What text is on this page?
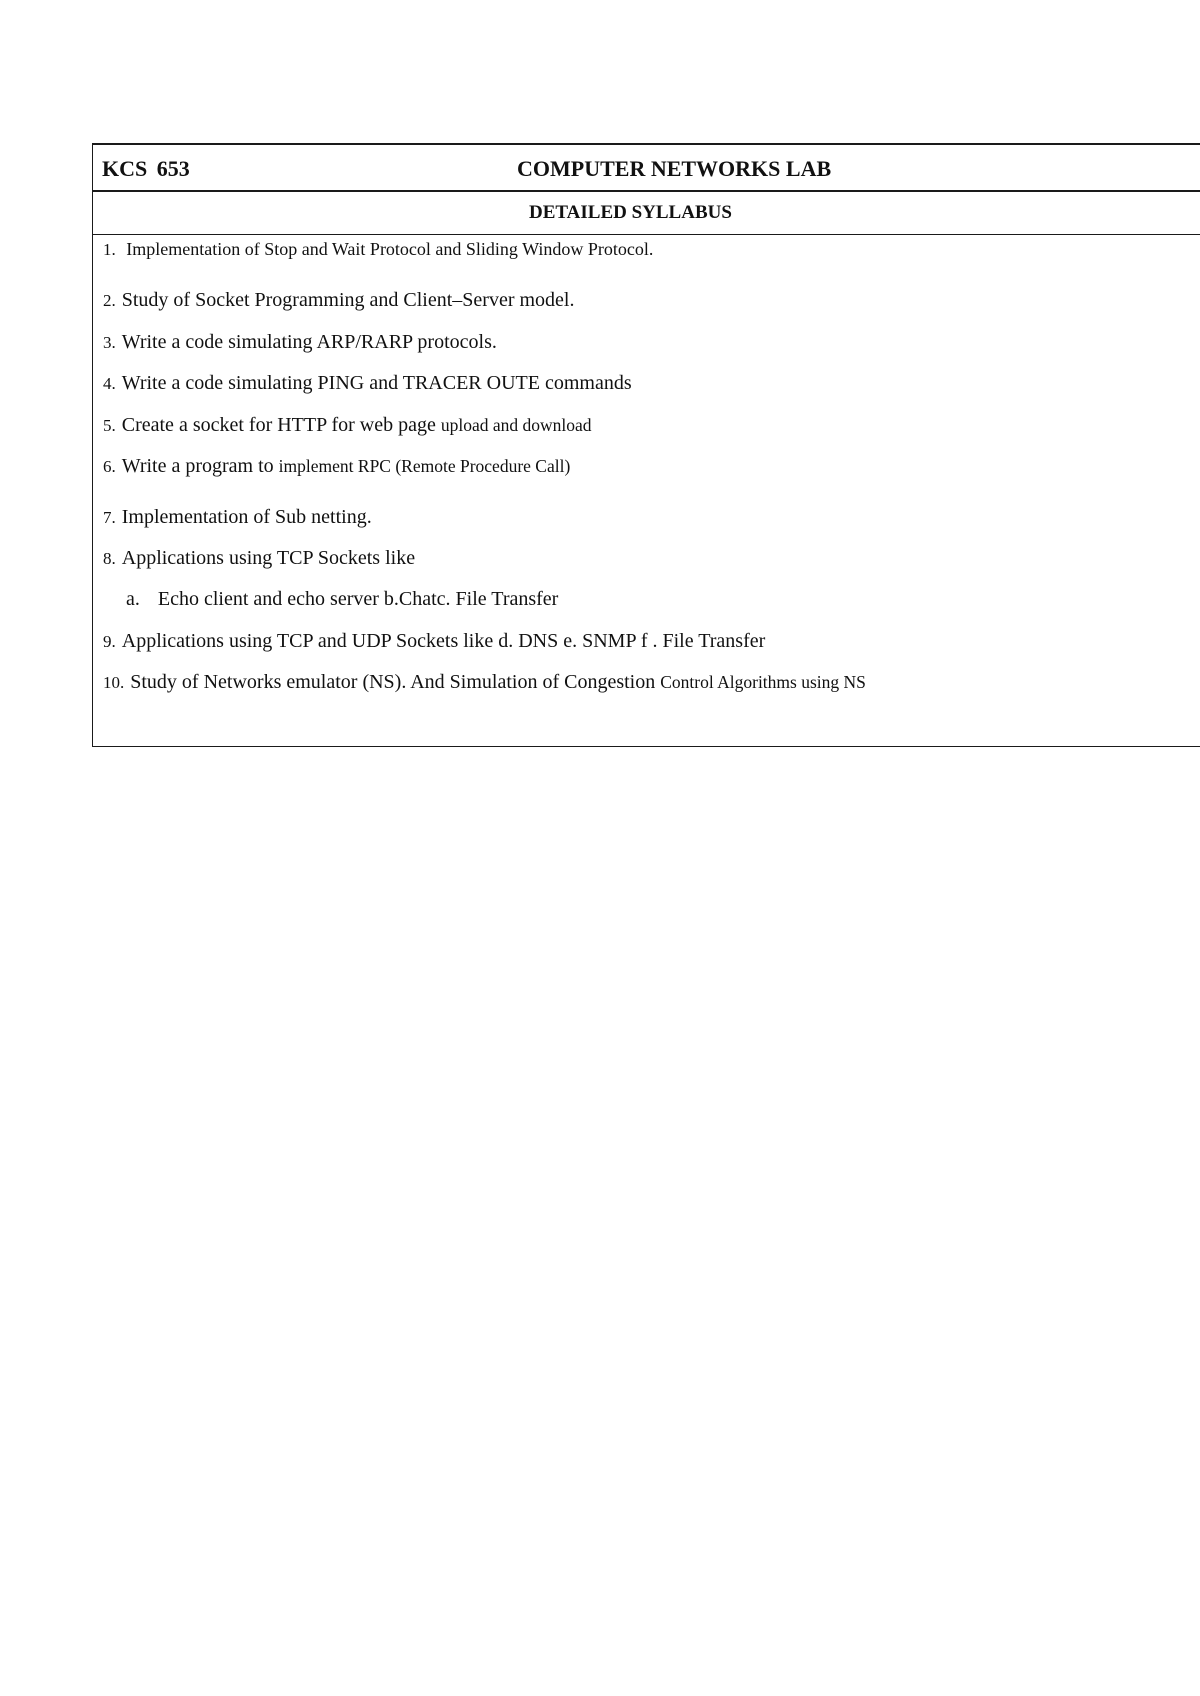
KCS 653	COMPUTER NETWORKS LAB
DETAILED SYLLABUS
1. Implementation of Stop and Wait Protocol and Sliding Window Protocol.
2. Study of Socket Programming and Client–Server model.
3. Write a code simulating ARP/RARP protocols.
4. Write a code simulating PING and TRACER OUTE commands
5. Create a socket for HTTP for web page upload and download
6. Write a program to implement RPC (Remote Procedure Call)
7. Implementation of Sub netting.
8. Applications using TCP Sockets like
a. Echo client and echo server b.Chatc. File Transfer
9. Applications using TCP and UDP Sockets like d. DNS e. SNMP f . File Transfer
10. Study of Networks emulator (NS). And Simulation of Congestion Control Algorithms using NS
